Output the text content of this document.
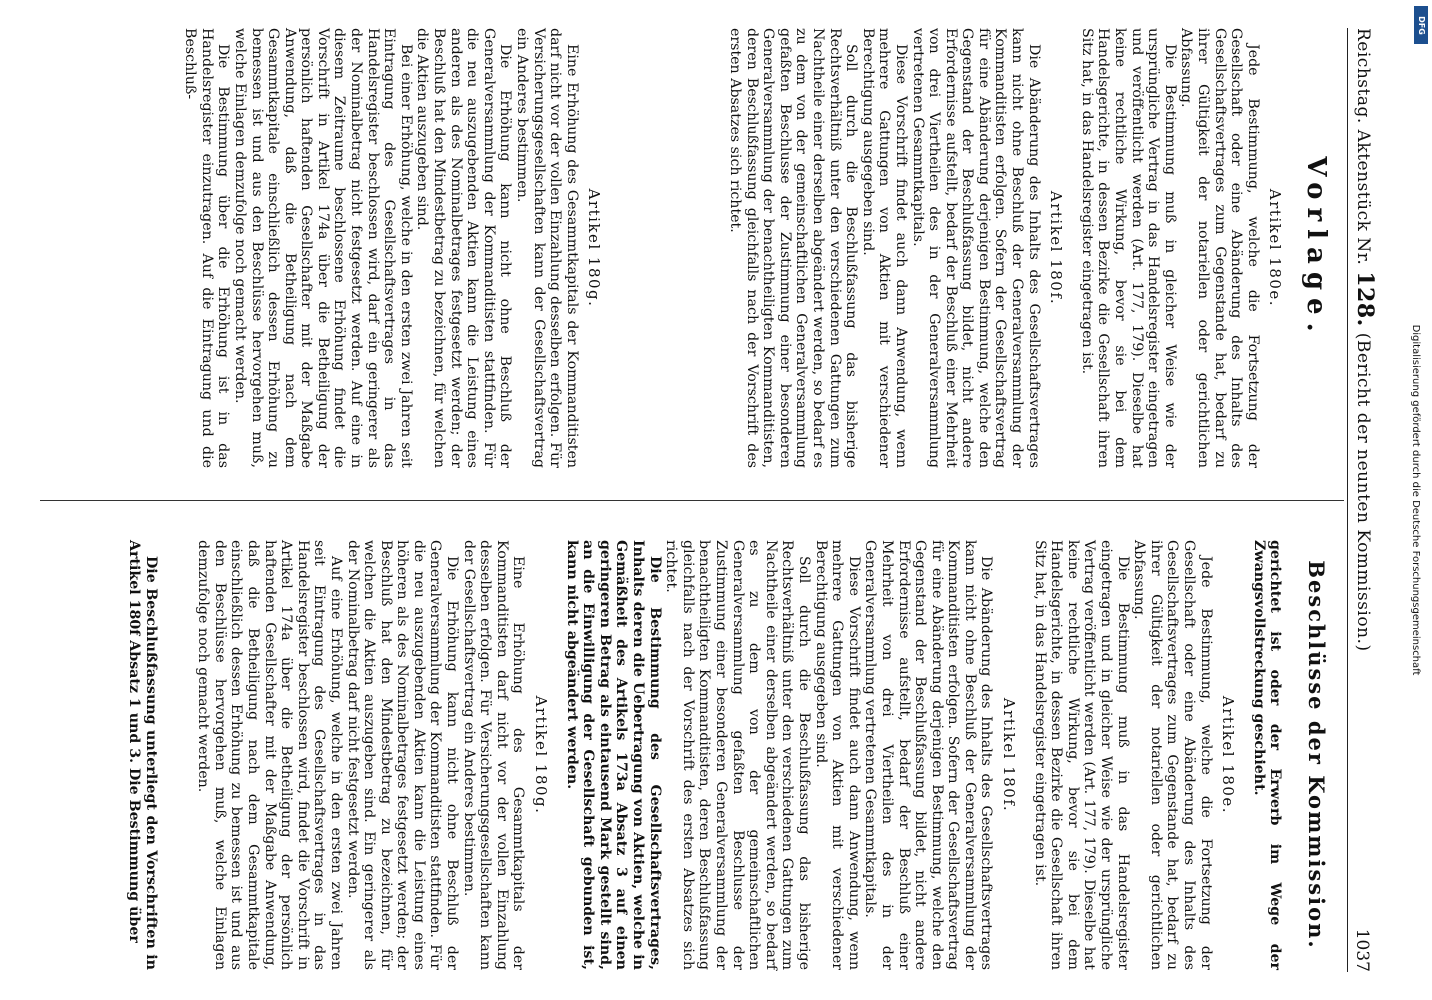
Reichstag. Aktenstück Nr. 128. (Bericht der neunten Kommission.)
1037
Vorlage.
Artikel 180e.

Jede Bestimmung, welche die Fortsetzung der Gesellschaft oder eine Abänderung des Inhalts des Gesellschaftsvertrages zum Gegenstande hat, bedarf zu ihrer Gültigkeit der notariellen oder gerichtlichen Abfassung.

Die Bestimmung muß in gleicher Weise wie der ursprüngliche Vertrag in das Handelsregister eingetragen und veröffentlicht werden (Art. 177, 179). Dieselbe hat keine rechtliche Wirkung, bevor sie bei dem Handelsgerichte, in dessen Bezirke die Gesellschaft ihren Sitz hat, in das Handelsregister eingetragen ist.

Artikel 180f.

Die Abänderung des Inhalts des Gesellschaftsvertrages kann nicht ohne Beschluß der Generalversammlung der Kommanditisten erfolgen. Sofern der Gesellschaftsvertrag für eine Abänderung derjenigen Bestimmung, welche den Gegenstand der Beschlußfassung bildet, nicht andere Erfordernisse aufstellt, bedarf der Beschluß einer Mehrheit von drei Viertheilen des in der Generalversammlung vertretenen Gesammtkapitals.

Diese Vorschrift findet auch dann Anwendung, wenn mehrere Gattungen von Aktien mit verschiedener Berechtigung ausgegeben sind.

Soll durch die Beschlußfassung das bisherige Rechtsverhältniß unter den verschiedenen Gattungen zum Nachtheile einer derselben abgeändert werden, so bedarf es zu dem von der gemeinschaftlichen Generalversammlung gefaßten Beschlusse der Zustimmung einer besonderen Generalversammlung der benachtheiligten Kommanditisten, deren Beschlußfassung gleichfalls nach der Vorschrift des ersten Absatzes sich richtet.

Artikel 180g.

Eine Erhöhung des Gesammtkapitals der Kommanditisten darf nicht vor der vollen Einzahlung desselben erfolgen. Für Versicherungsgesellschaften kann der Gesellschaftsvertrag ein Anderes bestimmen.

Die Erhöhung kann nicht ohne Beschluß der Generalversammlung der Kommanditisten stattfinden. Für die neu auszugebenden Aktien kann die Leistung eines anderen als des Nominalbetrages festgesetzt werden; der Beschluß hat den Mindestbetrag zu bezeichnen, für welchen die Aktien auszugeben sind.

Bei einer Erhöhung, welche in den ersten zwei Jahren seit Eintragung des Gesellschaftsvertrages in das Handelsregister beschlossen wird, darf ein geringerer als der Nominalbetrag nicht festgesetzt werden. Auf eine in diesem Zeitraume beschlossene Erhöhung findet die Vorschrift in Artikel 174a über die Betheiligung der persönlich haftenden Gesellschafter mit der Maßgabe Anwendung, daß die Betheiligung nach dem Gesammtkapitale einschließlich dessen Erhöhung zu bemessen ist und aus den Beschlüsse hervorgehen muß, welche Einlagen demzufolge noch gemacht werden.

Die Bestimmung über die Erhöhung ist in das Handelsregister einzutragen. Auf die Eintragung und die Beschluß-

Beschlüsse der Kommission.

gerichtet ist oder der Erwerb im Wege der Zwangsvollstreckung geschieht.

Artikel 180e.

Jede Bestimmung, welche die Fortsetzung der Gesellschaft oder eine Abänderung des Inhalts des Gesellschaftsvertrages zum Gegenstande hat, bedarf zu ihrer Gültigkeit der notariellen oder gerichtlichen Abfassung.

Die Bestimmung muß in das Handelsregister eingetragen und in gleicher Weise wie der ursprüngliche Vertrag veröffentlicht werden (Art. 177, 179). Dieselbe hat keine rechtliche Wirkung, bevor sie bei dem Handelsgerichte, in dessen Bezirke die Gesellschaft ihren Sitz hat, in das Handelsregister eingetragen ist.

Artikel 180f.

Die Abänderung des Inhalts des Gesellschaftsvertrages kann nicht ohne Beschluß der Generalversammlung der Kommanditisten erfolgen. Sofern der Gesellschaftsvertrag für eine Abänderung derjenigen Bestimmung, welche den Gegenstand der Beschlußfassung bildet, nicht andere Erfordernisse aufstellt, bedarf der Beschluß einer Mehrheit von drei Viertheilen des in der Generalversammlung vertretenen Gesammtkapitals.

Diese Vorschrift findet auch dann Anwendung, wenn mehrere Gattungen von Aktien mit verschiedener Berechtigung ausgegeben sind.

Soll durch die Beschlußfassung das bisherige Rechtsverhältniß unter den verschiedenen Gattungen zum Nachtheile einer derselben abgeändert werden, so bedarf es zu dem von der gemeinschaftlichen Generalversammlung gefaßten Beschlusse der Zustimmung einer besonderen Generalversammlung der benachtheiligten Kommanditisten, deren Beschlußfassung gleichfalls nach der Vorschrift des ersten Absatzes sich richtet.

Die Bestimmung des Gesellschaftsvertrages, Inhalts deren die Uebertragung von Aktien, welche in Gemäßheit des Artikels 173a Absatz 3 auf einen geringeren Betrag als eintausend Mark gestellt sind, an die Einwilligung der Gesellschaft gebunden ist, kann nicht abgeändert werden.

Artikel 180g.

Eine Erhöhung des Gesammtkapitals der Kommanditisten darf nicht vor der vollen Einzahlung desselben erfolgen. Für Versicherungsgesellschaften kann der Gesellschaftsvertrag ein Anderes bestimmen.

Die Erhöhung kann nicht ohne Beschluß der Generalversammlung der Kommanditisten stattfinden. Für die neu auszugebenden Aktien kann die Leistung eines höheren als des Nominalbetrages festgesetzt werden; der Beschluß hat den Mindestbetrag zu bezeichnen, für welchen die Aktien auszugeben sind. Ein geringerer als der Nominalbetrag darf nicht festgesetzt werden.

Auf eine Erhöhung, welche in den ersten zwei Jahren seit Eintragung des Gesellschaftsvertrages in das Handelsregister beschlossen wird, findet die Vorschrift in Artikel 174a über die Betheiligung der persönlich haftenden Gesellschafter mit der Maßgabe Anwendung, daß die Betheiligung nach dem Gesammtkapitale einschließlich dessen Erhöhung zu bemessen ist und aus den Beschlüsse hervorgehen muß, welche Einlagen demzufolge noch gemacht werden.

Die Beschlußfassung unterliegt den Vorschriften in Artikel 180f Absatz 1 und 3. Die Bestimmung über

Digitalisierung gefördert durch die Deutsche Forschungsgemeinschaft
DFG
